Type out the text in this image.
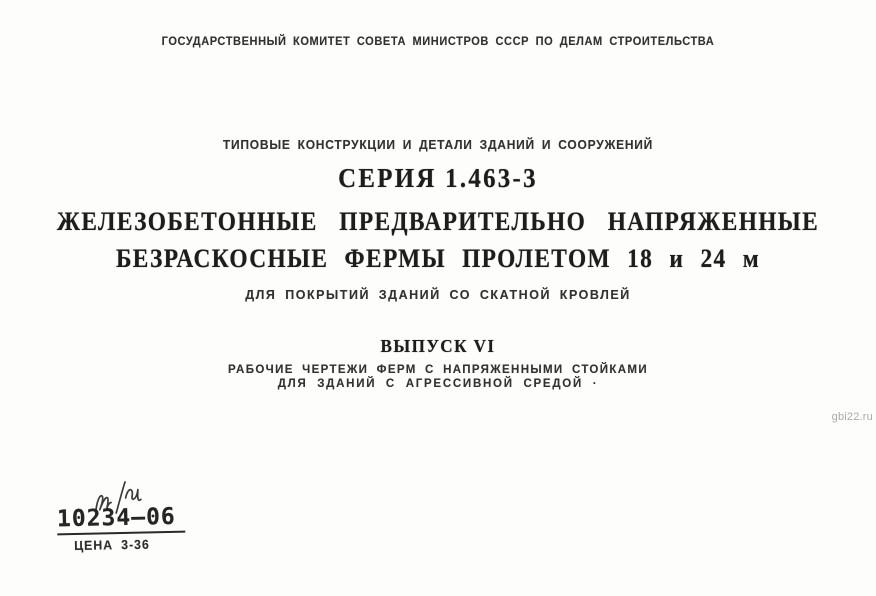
ГОСУДАРСТВЕННЫЙ КОМИТЕТ СОВЕТА МИНИСТРОВ СССР ПО ДЕЛАМ СТРОИТЕЛЬСТВА
ТИПОВЫЕ КОНСТРУКЦИИ И ДЕТАЛИ ЗДАНИЙ И СООРУЖЕНИЙ
СЕРИЯ 1.463-3
ЖЕЛЕЗОБЕТОННЫЕ ПРЕДВАРИТЕЛЬНО НАПРЯЖЕННЫЕ
БЕЗРАСКОСНЫЕ ФЕРМЫ ПРОЛЕТОМ 18 и 24 м
ДЛЯ ПОКРЫТИЙ ЗДАНИЙ СО СКАТНОЙ КРОВЛЕЙ
ВЫПУСК VI
РАБОЧИЕ ЧЕРТЕЖИ ФЕРМ С НАПРЯЖЕННЫМИ СТОЙКАМИ
ДЛЯ ЗДАНИЙ С АГРЕССИВНОЙ СРЕДОЙ ·
gbi22.ru
10234–06
ЦЕНА 3-36
